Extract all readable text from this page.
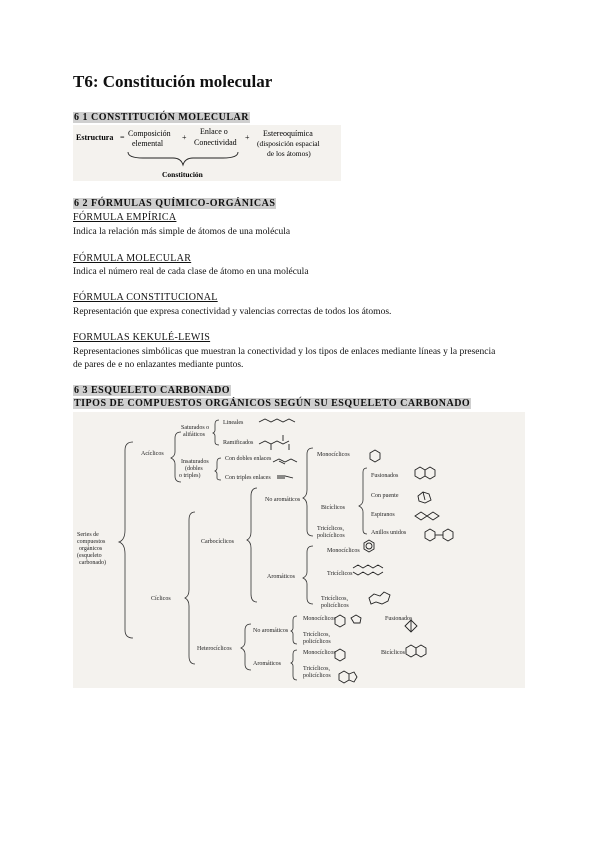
T6: Constitución molecular
6 1 CONSTITUCIÓN MOLECULAR
Estructura = Composición
elemental
+
Enlace o
Conectividad
+ Estereoquímica
(disposición espacial
de los átomos)
Constitución
6 2 FÓRMULAS QUÍMICO-ORGÁNICAS
FÓRMULA EMPÍRICA
Indica la relación más simple de átomos de una molécula
FÓRMULA MOLECULAR
Indica el número real de cada clase de átomo en una molécula
FÓRMULA CONSTITUCIONAL
Representación que expresa conectividad y valencias correctas de todos los átomos.
FORMULAS KEKULÉ-LEWIS
Representaciones simbólicas que muestran la conectividad y los tipos de enlaces mediante líneas y la presencia
de pares de e no enlazantes mediante puntos.
6 3 ESQUELETO CARBONADO
TIPOS DE COMPUESTOS ORGÁNICOS SEGÚN SU ESQUELETO CARBONADO
Series de
compuestos
orgánicos
(esqueleto
carbonado)
Acíclicos
Saturados o
alifáticos
Lineales
Ramificados
Insaturados
(dobles
o triples)
Con dobles enlaces
Con triples enlaces
Cíclicos
Carbocíclicos
No aromáticos
Monocíclicos
Bicíclicos
Fusionados
Con puente
Espiranos
Anillos unidos
Tricíclicos,
policíclicos
Aromáticos
Monocíclicos
Tricíclicos
Tricíclicos,
policíclicos
Heterocíclicos
No aromáticos
Monocíclicos	Fusionados
Tricíclicos,
policíclicos
Aromáticos
Monocíclicos	Bicíclicos
Tricíclicos,
policíclicos
